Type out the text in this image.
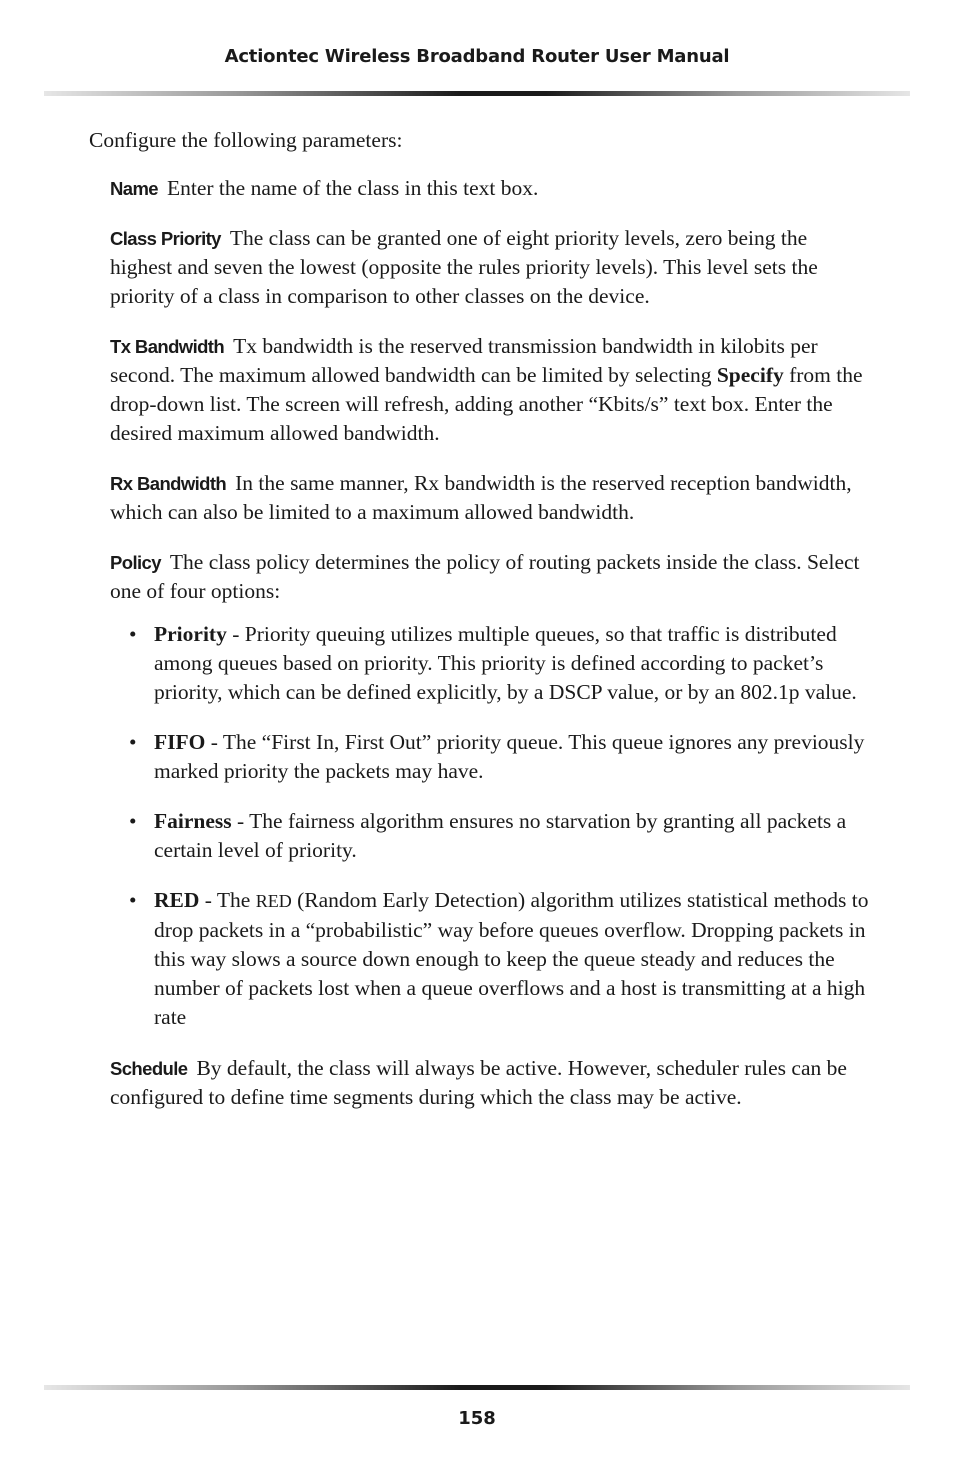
Actiontec Wireless Broadband Router User Manual

Configure the following parameters:

Name Enter the name of the class in this text box.

Class Priority The class can be granted one of eight priority levels, zero being the highest and seven the lowest (opposite the rules priority levels). This level sets the priority of a class in comparison to other classes on the device.

Tx Bandwidth Tx bandwidth is the reserved transmission bandwidth in kilobits per second. The maximum allowed bandwidth can be limited by selecting Specify from the drop-down list. The screen will refresh, adding another “Kbits/s” text box. Enter the desired maximum allowed bandwidth.

Rx Bandwidth In the same manner, Rx bandwidth is the reserved reception bandwidth, which can also be limited to a maximum allowed bandwidth.

Policy The class policy determines the policy of routing packets inside the class. Select one of four options:

• Priority - Priority queuing utilizes multiple queues, so that traffic is distributed among queues based on priority. This priority is defined according to packet’s priority, which can be defined explicitly, by a DSCP value, or by an 802.1p value.
• FIFO - The “First In, First Out” priority queue. This queue ignores any previously marked priority the packets may have.
• Fairness - The fairness algorithm ensures no starvation by granting all packets a certain level of priority.
• RED - The RED (Random Early Detection) algorithm utilizes statistical methods to drop packets in a “probabilistic” way before queues overflow. Dropping packets in this way slows a source down enough to keep the queue steady and reduces the number of packets lost when a queue overflows and a host is transmitting at a high rate

Schedule By default, the class will always be active. However, scheduler rules can be configured to define time segments during which the class may be active.

158
